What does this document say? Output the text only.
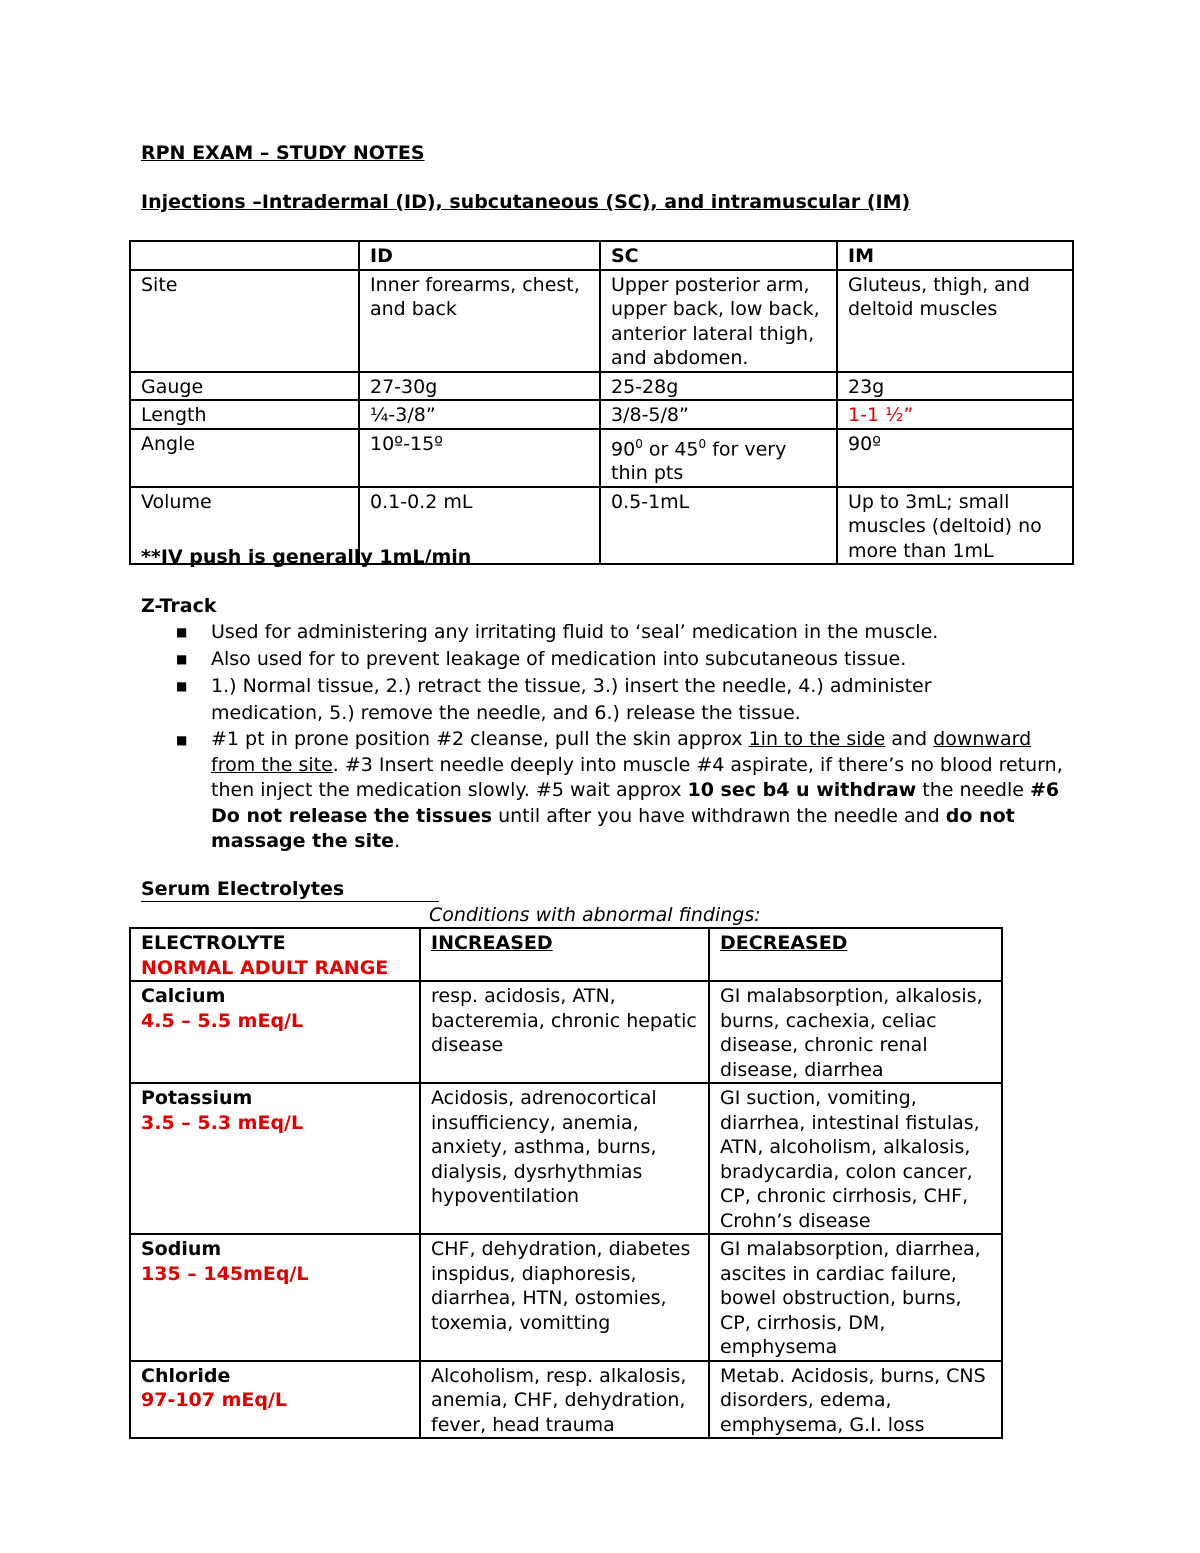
RPN EXAM – STUDY NOTES
Injections –Intradermal (ID), subcutaneous (SC), and intramuscular (IM)
	ID	SC	IM
Site	Inner forearms, chest, and back	Upper posterior arm, upper back, low back, anterior lateral thigh, and abdomen.	Gluteus, thigh, and deltoid muscles
Gauge	27-30g	25-28g	23g
Length	¼-3/8”	3/8-5/8”	1-1 ½”
Angle	10º-15º	$90^0$ or $45^0$ for very thin pts	90º
Volume	0.1-0.2 mL	0.5-1mL	Up to 3mL; small muscles (deltoid) no more than 1mL
**IV push is generally 1mL/min
Z-Track
■ Used for administering any irritating fluid to ‘seal’ medication in the muscle.
■ Also used for to prevent leakage of medication into subcutaneous tissue.
■ 1.) Normal tissue, 2.) retract the tissue, 3.) insert the needle, 4.) administer
medication, 5.) remove the needle, and 6.) release the tissue.
■ #1 pt in prone position #2 cleanse, pull the skin approx 1in to the side and downward
from the site. #3 Insert needle deeply into muscle #4 aspirate, if there’s no blood return,
then inject the medication slowly. #5 wait approx 10 sec b4 u withdraw the needle #6
Do not release the tissues until after you have withdrawn the needle and do not
massage the site.
Serum Electrolytes
Conditions with abnormal findings:
ELECTROLYTE
NORMAL ADULT RANGE	INCREASED	DECREASED

Calcium
4.5 – 5.5 mEq/L	resp. acidosis, ATN, bacteremia, chronic hepatic disease	GI malabsorption, alkalosis, burns, cachexia, celiac disease, chronic renal disease, diarrhea

Potassium
3.5 – 5.3 mEq/L	Acidosis, adrenocortical insufficiency, anemia, anxiety, asthma, burns, dialysis, dysrhythmias hypoventilation	GI suction, vomiting, diarrhea, intestinal fistulas, ATN, alcoholism, alkalosis, bradycardia, colon cancer, CP, chronic cirrhosis, CHF, Crohn’s disease

Sodium
135 – 145mEq/L	CHF, dehydration, diabetes inspidus, diaphoresis, diarrhea, HTN, ostomies, toxemia, vomitting	GI malabsorption, diarrhea, ascites in cardiac failure, bowel obstruction, burns, CP, cirrhosis, DM, emphysema

Chloride
97-107 mEq/L	Alcoholism, resp. alkalosis, anemia, CHF, dehydration, fever, head trauma	Metab. Acidosis, burns, CNS disorders, edema, emphysema, G.I. loss
